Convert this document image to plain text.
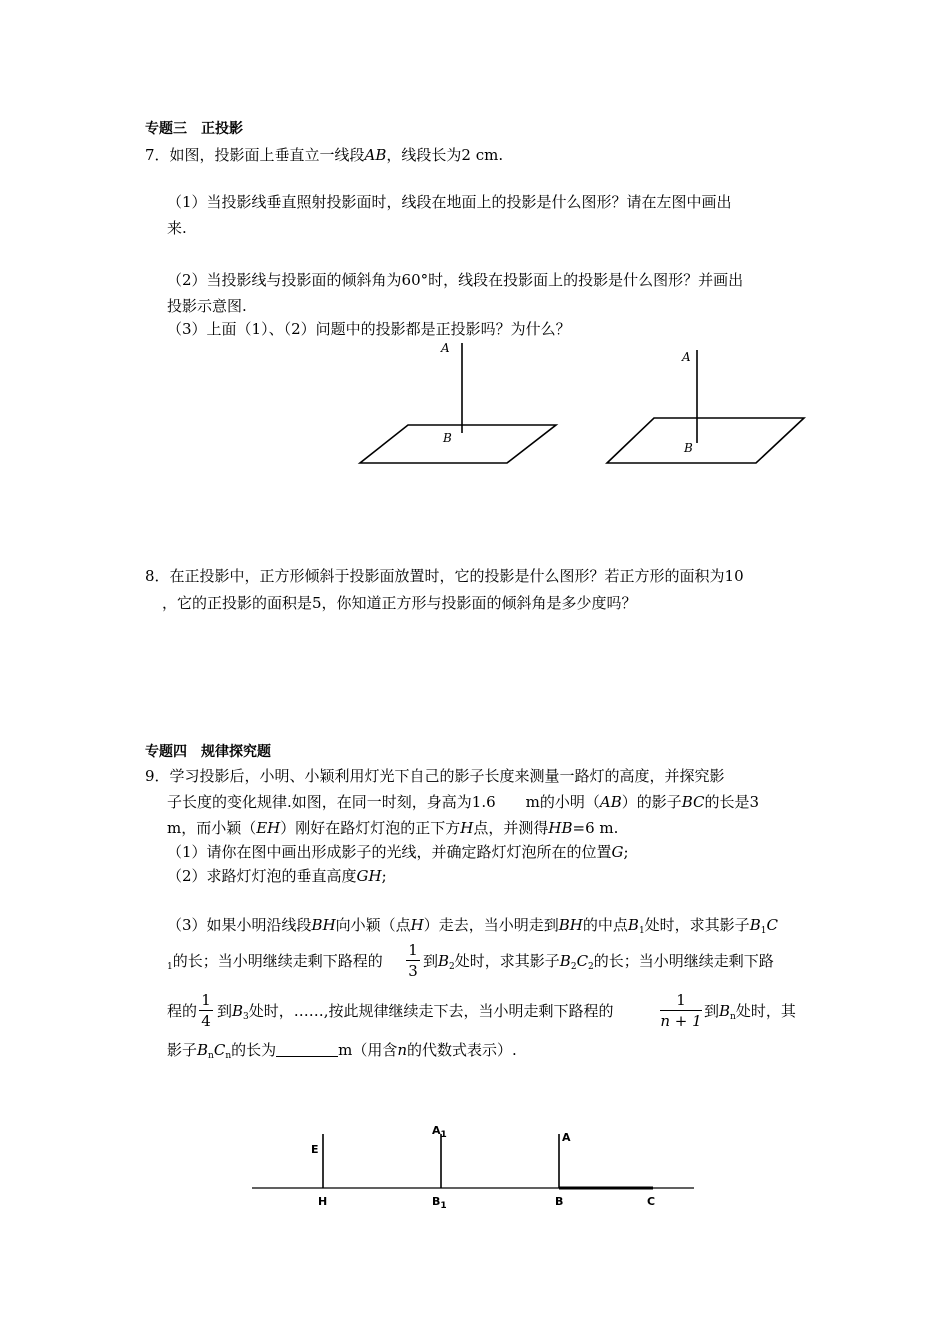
专题三　正投影
7．如图，投影面上垂直立一线段AB，线段长为2 cm.
（1）当投影线垂直照射投影面时，线段在地面上的投影是什么图形？请在左图中画出
来.
（2）当投影线与投影面的倾斜角为60°时，线段在投影面上的投影是什么图形？并画出
投影示意图.
（3）上面（1）、（2）问题中的投影都是正投影吗？为什么？
A
B
A
B
8．在正投影中，正方形倾斜于投影面放置时，它的投影是什么图形？若正方形的面积为10
，它的正投影的面积是5，你知道正方形与投影面的倾斜角是多少度吗？
专题四　规律探究题
9．学习投影后，小明、小颖利用灯光下自己的影子长度来测量一路灯的高度，并探究影
子长度的变化规律.如图，在同一时刻，身高为1.6　　m的小明（AB）的影子BC的长是3
m，而小颖（EH）刚好在路灯灯泡的正下方H点，并测得HB=6 m.
（1）请你在图中画出形成影子的光线，并确定路灯灯泡所在的位置G;
（2）求路灯灯泡的垂直高度GH;
（3）如果小明沿线段BH向小颖（点H）走去，当小明走到BH的中点$B_1$处时，求其影子$B_1C$
$_1$的长；当小明继续走剩下路程的
1
3
到$B_2$处时，求其影子$B_2C_2$的长；当小明继续走剩下路
程的
1
4
到$B_3$处时，……,按此规律继续走下去，当小明走剩下路程的
1
n + 1
到$B_n$处时，其
影子$B_nC_n$的长为	m（用含n的代数式表示）.
E
H
$A_1$
$B_1$
A
B	C
